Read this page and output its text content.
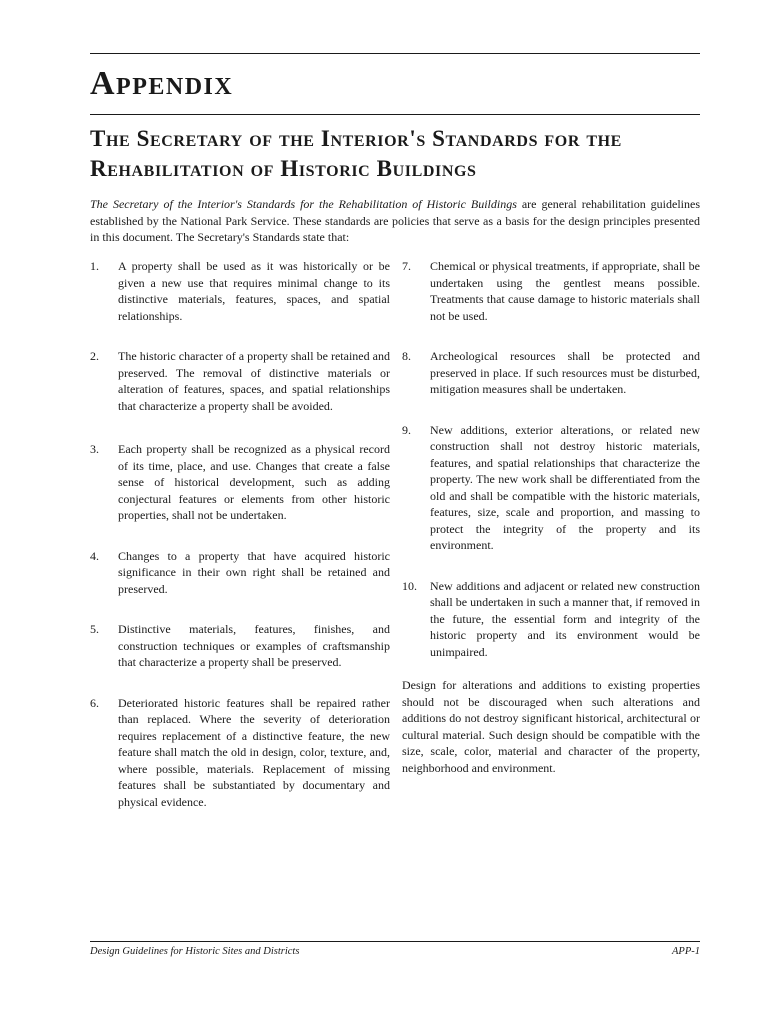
Appendix
The Secretary of the Interior's Standards for the Rehabilitation of Historic Buildings

The Secretary of the Interior's Standards for the Rehabilitation of Historic Buildings are general rehabilitation guidelines established by the National Park Service. These standards are policies that serve as a basis for the design principles presented in this document. The Secretary's Standards state that:

1. A property shall be used as it was historically or be given a new use that requires minimal change to its distinctive materials, features, spaces, and spatial relationships.
2. The historic character of a property shall be retained and preserved. The removal of distinctive materials or alteration of features, spaces, and spatial relationships that characterize a property shall be avoided.
3. Each property shall be recognized as a physical record of its time, place, and use. Changes that create a false sense of historical development, such as adding conjectural features or elements from other historic properties, shall not be undertaken.
4. Changes to a property that have acquired historic significance in their own right shall be retained and preserved.
5. Distinctive materials, features, finishes, and construction techniques or examples of craftsmanship that characterize a property shall be preserved.
6. Deteriorated historic features shall be repaired rather than replaced. Where the severity of deterioration requires replacement of a distinctive feature, the new feature shall match the old in design, color, texture, and, where possible, materials. Replacement of missing features shall be substantiated by documentary and physical evidence.
7. Chemical or physical treatments, if appropriate, shall be undertaken using the gentlest means possible. Treatments that cause damage to historic materials shall not be used.
8. Archeological resources shall be protected and preserved in place. If such resources must be disturbed, mitigation measures shall be undertaken.
9. New additions, exterior alterations, or related new construction shall not destroy historic materials, features, and spatial relationships that characterize the property. The new work shall be differentiated from the old and shall be compatible with the historic materials, features, size, scale and proportion, and massing to protect the integrity of the property and its environment.
10. New additions and adjacent or related new construction shall be undertaken in such a manner that, if removed in the future, the essential form and integrity of the historic property and its environment would be unimpaired.

Design for alterations and additions to existing properties should not be discouraged when such alterations and additions do not destroy significant historical, architectural or cultural material. Such design should be compatible with the size, scale, color, material and character of the property, neighborhood and environment.

Design Guidelines for Historic Sites and Districts	APP-1
